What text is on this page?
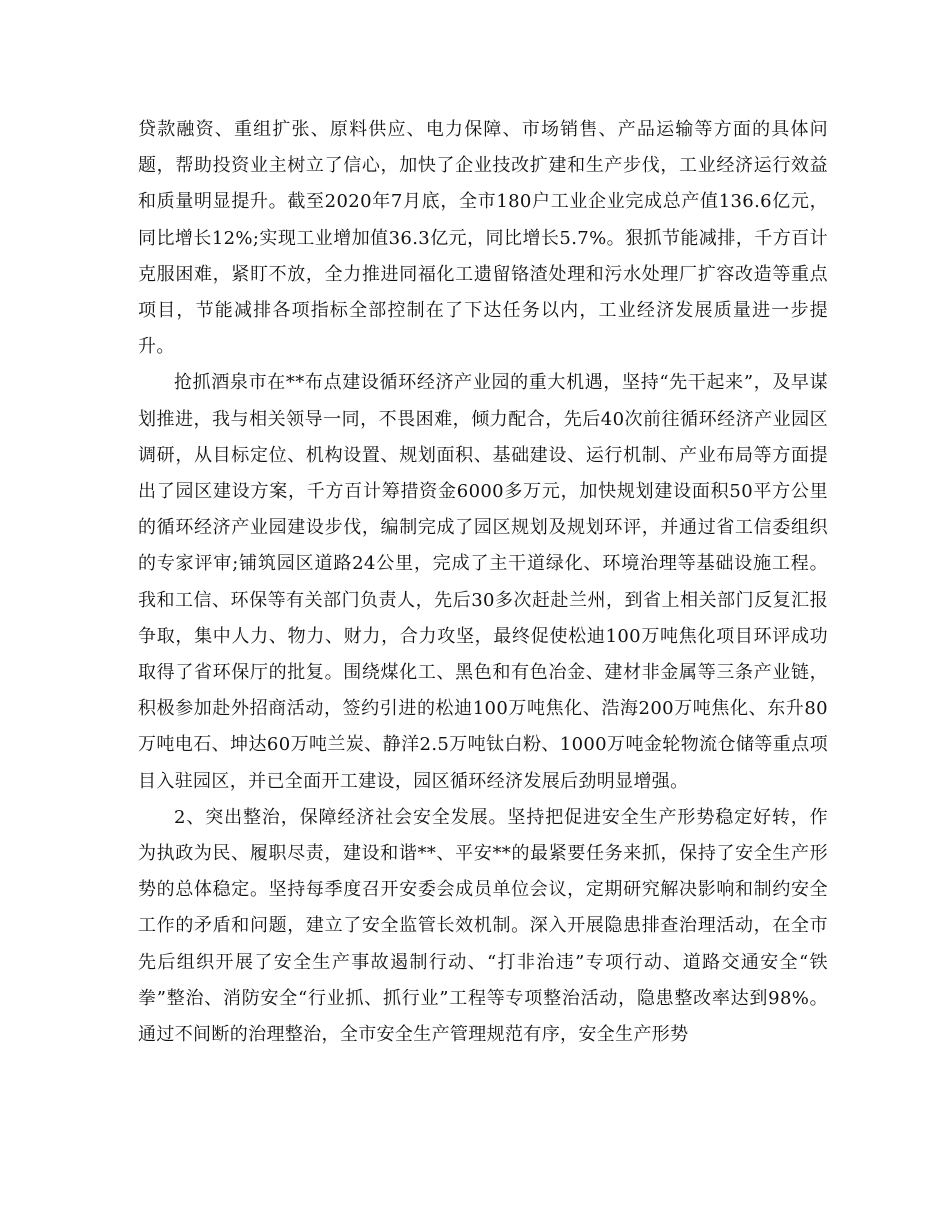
贷款融资、重组扩张、原料供应、电力保障、市场销售、产品运输等方面的具体问题，帮助投资业主树立了信心，加快了企业技改扩建和生产步伐，工业经济运行效益和质量明显提升。截至2020年7月底，全市180户工业企业完成总产值136.6亿元，同比增长12%;实现工业增加值36.3亿元，同比增长5.7%。狠抓节能减排，千方百计克服困难，紧盯不放，全力推进同福化工遗留铬渣处理和污水处理厂扩容改造等重点项目，节能减排各项指标全部控制在了下达任务以内，工业经济发展质量进一步提升。

抢抓酒泉市在**布点建设循环经济产业园的重大机遇，坚持“先干起来”，及早谋划推进，我与相关领导一同，不畏困难，倾力配合，先后40次前往循环经济产业园区调研，从目标定位、机构设置、规划面积、基础建设、运行机制、产业布局等方面提出了园区建设方案，千方百计筹措资金6000多万元，加快规划建设面积50平方公里的循环经济产业园建设步伐，编制完成了园区规划及规划环评，并通过省工信委组织的专家评审;铺筑园区道路24公里，完成了主干道绿化、环境治理等基础设施工程。我和工信、环保等有关部门负责人，先后30多次赶赴兰州，到省上相关部门反复汇报争取，集中人力、物力、财力，合力攻坚，最终促使松迪100万吨焦化项目环评成功取得了省环保厅的批复。围绕煤化工、黑色和有色冶金、建材非金属等三条产业链，积极参加赴外招商活动，签约引进的松迪100万吨焦化、浩海200万吨焦化、东升80万吨电石、坤达60万吨兰炭、静洋2.5万吨钛白粉、1000万吨金轮物流仓储等重点项目入驻园区，并已全面开工建设，园区循环经济发展后劲明显增强。

2、突出整治，保障经济社会安全发展。坚持把促进安全生产形势稳定好转，作为执政为民、履职尽责，建设和谐**、平安**的最紧要任务来抓，保持了安全生产形势的总体稳定。坚持每季度召开安委会成员单位会议，定期研究解决影响和制约安全工作的矛盾和问题，建立了安全监管长效机制。深入开展隐患排查治理活动，在全市先后组织开展了安全生产事故遏制行动、“打非治违”专项行动、道路交通安全“铁拳”整治、消防安全“行业抓、抓行业”工程等专项整治活动，隐患整改率达到98%。通过不间断的治理整治，全市安全生产管理规范有序，安全生产形势
